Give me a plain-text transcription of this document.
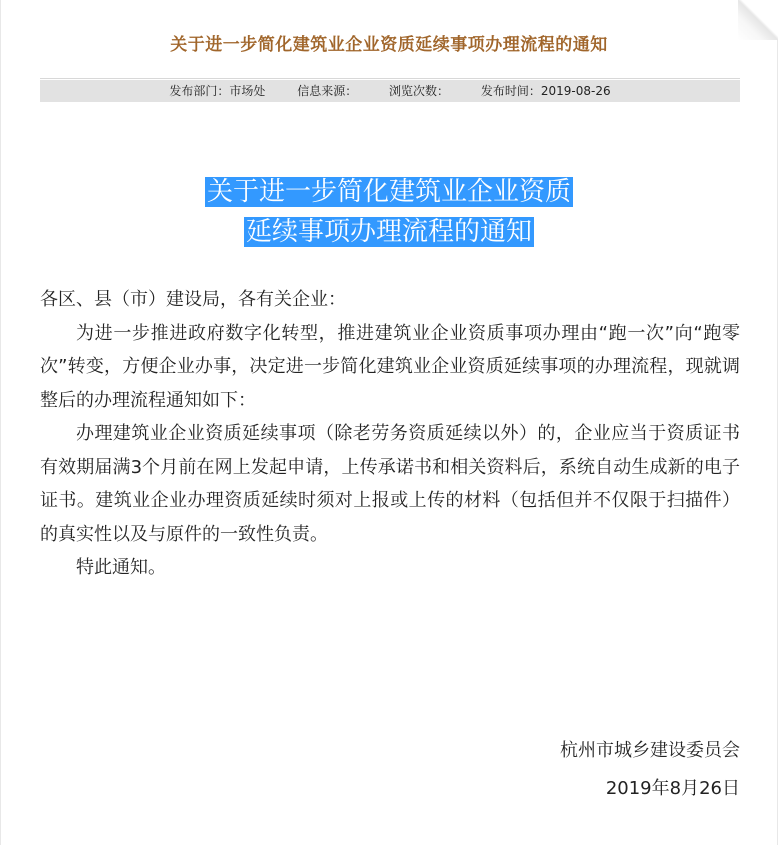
关于进一步简化建筑业企业资质延续事项办理流程的通知
发布部门：市场处	信息来源：	浏览次数：	发布时间：2019-08-26
关于进一步简化建筑业企业资质
延续事项办理流程的通知

各区、县（市）建设局，各有关企业：

为进一步推进政府数字化转型，推进建筑业企业资质事项办理由“跑一次”向“跑零次”转变，方便企业办事，决定进一步简化建筑业企业资质延续事项的办理流程，现就调整后的办理流程通知如下：

办理建筑业企业资质延续事项（除老劳务资质延续以外）的，企业应当于资质证书有效期届满3个月前在网上发起申请，上传承诺书和相关资料后，系统自动生成新的电子证书。建筑业企业办理资质延续时须对上报或上传的材料（包括但并不仅限于扫描件）的真实性以及与原件的一致性负责。

特此通知。

杭州市城乡建设委员会
2019年8月26日
